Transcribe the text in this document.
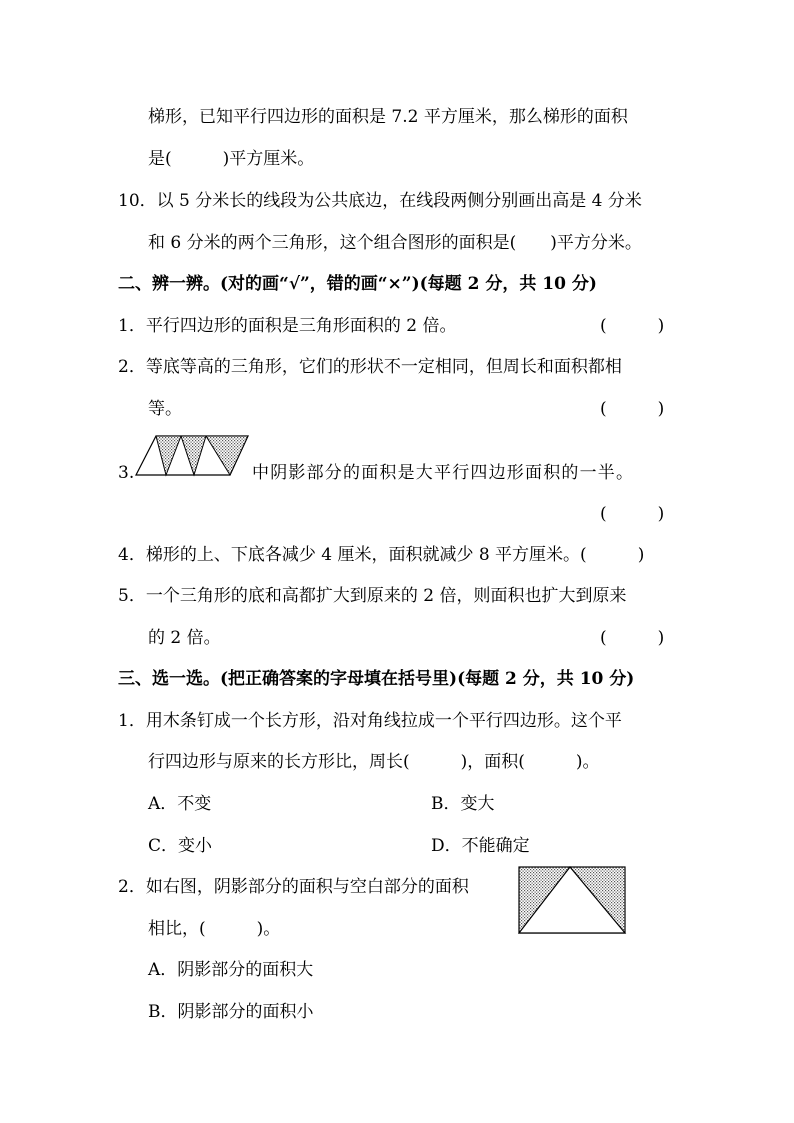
梯形，已知平行四边形的面积是 7.2 平方厘米，那么梯形的面积
是(　　　)平方厘米。
10．以 5 分米长的线段为公共底边，在线段两侧分别画出高是 4 分米
和 6 分米的两个三角形，这个组合图形的面积是(　　)平方分米。
二、辨一辨。(对的画“√”，错的画“×”)(每题 2 分，共 10 分)
1．平行四边形的面积是三角形面积的 2 倍。	(　　　)
2．等底等高的三角形，它们的形状不一定相同，但周长和面积都相
等。	(　　　)
3.	中阴影部分的面积是大平行四边形面积的一半。
(　　　)
4．梯形的上、下底各减少 4 厘米，面积就减少 8 平方厘米。(　　　)
5．一个三角形的底和高都扩大到原来的 2 倍，则面积也扩大到原来
的 2 倍。	(　　　)
三、选一选。(把正确答案的字母填在括号里)(每题 2 分，共 10 分)
1．用木条钉成一个长方形，沿对角线拉成一个平行四边形。这个平
行四边形与原来的长方形比，周长(　　　)，面积(　　　)。
A．不变	B．变大
C．变小	D．不能确定
2．如右图，阴影部分的面积与空白部分的面积
相比，(　　　)。
A．阴影部分的面积大
B．阴影部分的面积小
